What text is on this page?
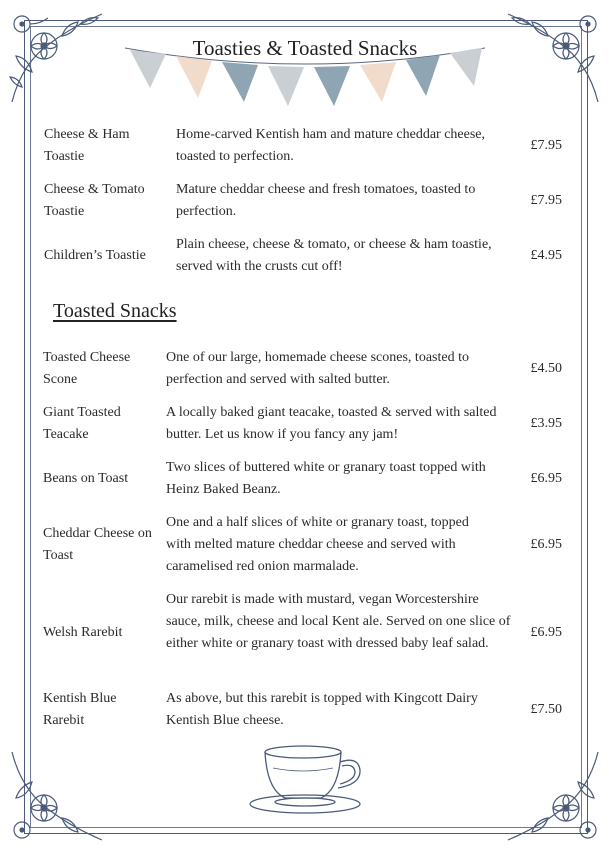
Toasties & Toasted Snacks
Cheese & Ham Toastie
Home-carved Kentish ham and mature cheddar cheese, toasted to perfection.
£7.95
Cheese & Tomato Toastie
Mature cheddar cheese and fresh tomatoes, toasted to perfection.
£7.95
Children’s Toastie
Plain cheese, cheese & tomato, or cheese & ham toastie, served with the crusts cut off!
£4.95
Toasted Snacks
Toasted Cheese Scone
One of our large, homemade cheese scones, toasted to perfection and served with salted butter.
£4.50
Giant Toasted Teacake
A locally baked giant teacake, toasted & served with salted butter. Let us know if you fancy any jam!
£3.95
Beans on Toast
Two slices of buttered white or granary toast topped with Heinz Baked Beanz.
£6.95
Cheddar Cheese on Toast
One and a half slices of white or granary toast, topped with melted mature cheddar cheese and served with caramelised red onion marmalade.
£6.95
Welsh Rarebit
Our rarebit is made with mustard, vegan Worcestershire sauce, milk, cheese and local Kent ale. Served on one slice of either white or granary toast with dressed baby leaf salad.
£6.95
Kentish Blue Rarebit
As above, but this rarebit is topped with Kingcott Dairy Kentish Blue cheese.
£7.50
